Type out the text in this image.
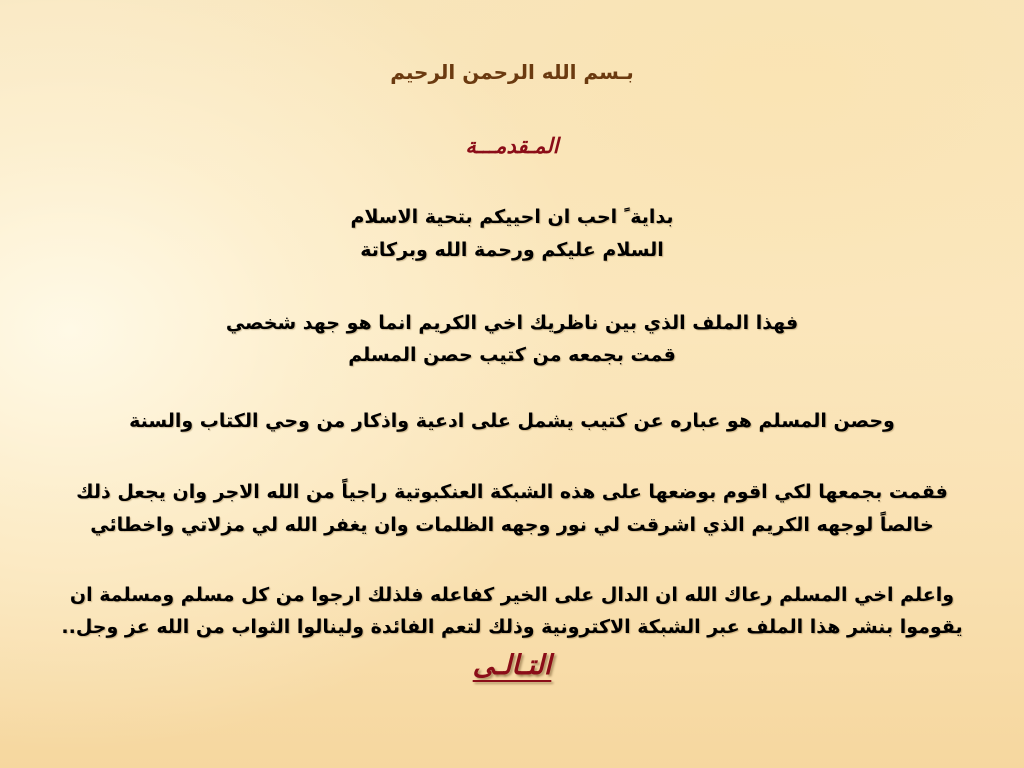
بـسم الله الرحمن الرحيم
المـقدمـــة
بداية ً احب ان احييكم بتحية الاسلام
السلام عليكم ورحمة الله وبركاتة
فهذا الملف الذي بين ناظريك اخي الكريم انما هو جهد شخصي
قمت بجمعه من كتيب حصن المسلم
وحصن المسلم هو عباره عن كتيب يشمل على ادعية واذكار من وحي الكتاب والسنة
فقمت بجمعها لكي اقوم بوضعها على هذه الشبكة العنكبوتية راجياً من الله الاجر وان يجعل ذلك
خالصاً لوجهه الكريم الذي اشرقت لي نور وجهه الظلمات وان يغفر الله لي مزلاتي واخطائي
واعلم اخي المسلم رعاك الله ان الدال على الخير كفاعله فلذلك ارجوا من كل مسلم ومسلمة ان
يقوموا بنشر هذا الملف عبر الشبكة الاكترونية وذلك لتعم الفائدة ولينالوا الثواب من الله عز وجل..
التـالـى
